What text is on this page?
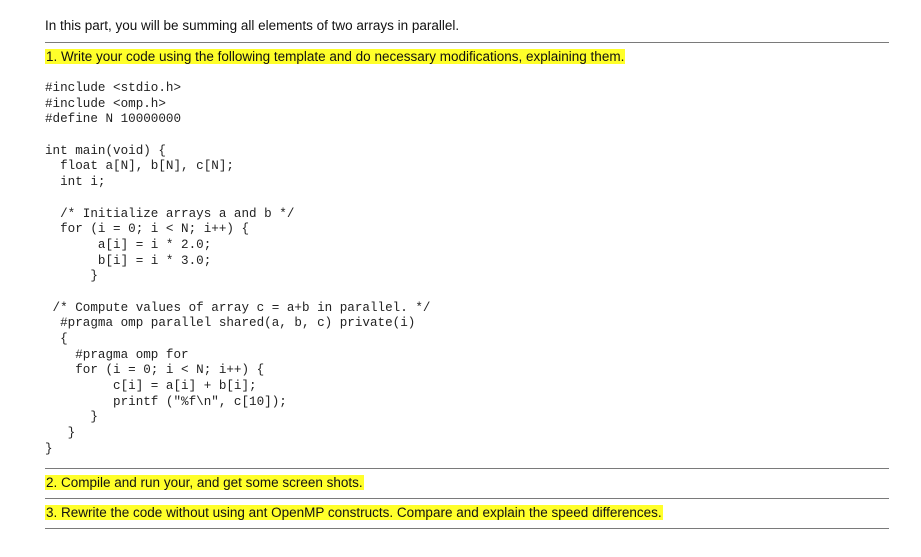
In this part, you will be summing all elements of two arrays in parallel.
1. Write your code using the following template and do necessary modifications, explaining them.
#include <stdio.h>
#include <omp.h>
#define N 10000000
int main(void) {
float a[N], b[N], c[N];
int i;
/* Initialize arrays a and b */
for (i = 0; i < N; i++) {
a[i] = i * 2.0;
b[i] = i * 3.0;
}
/* Compute values of array c = a+b in parallel. */
#pragma omp parallel shared(a, b, c) private(i)
{
#pragma omp for
for (i = 0; i < N; i++) {
c[i] = a[i] + b[i];
printf ("%f\n", c[10]);
}
}
}
2. Compile and run your, and get some screen shots.
3. Rewrite the code without using ant OpenMP constructs. Compare and explain the speed differences.
